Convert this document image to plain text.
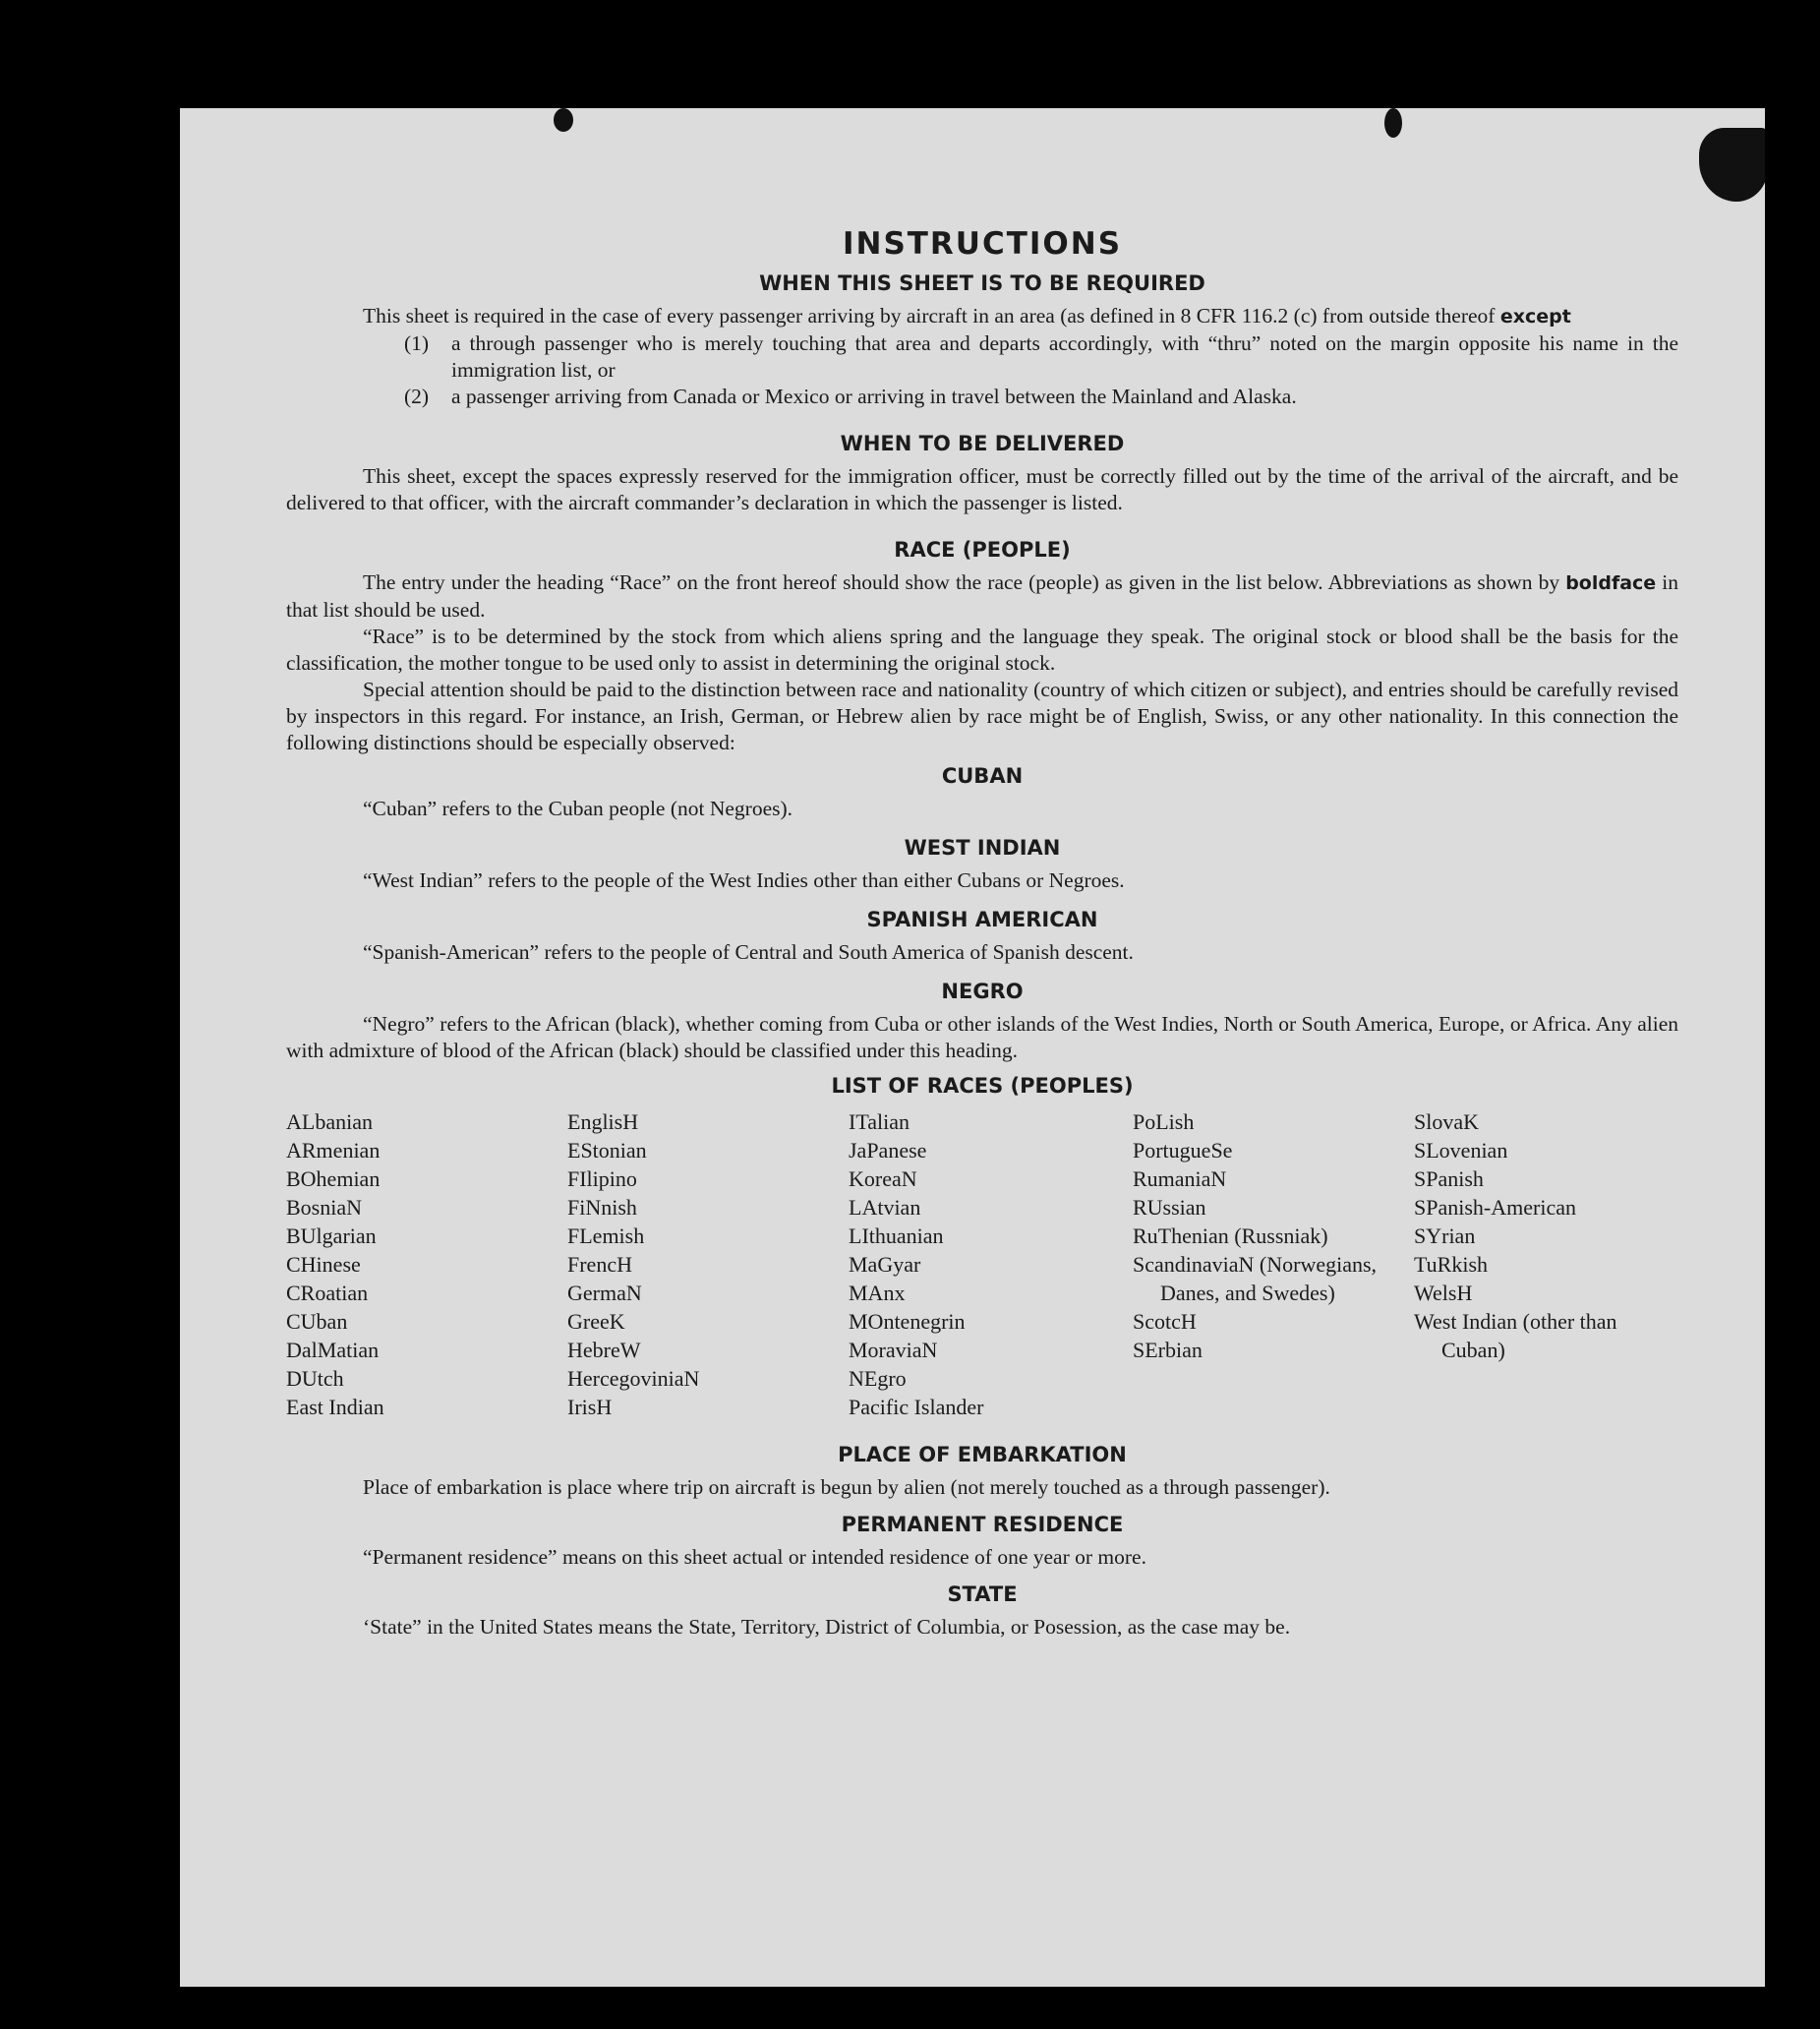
INSTRUCTIONS
WHEN THIS SHEET IS TO BE REQUIRED

This sheet is required in the case of every passenger arriving by aircraft in an area (as defined in 8 CFR 116.2 (c) from outside thereof except

(1)	a through passenger who is merely touching that area and departs accordingly, with “thru” noted on the margin opposite his name in the immigration list, or
(2)	a passenger arriving from Canada or Mexico or arriving in travel between the Mainland and Alaska.
WHEN TO BE DELIVERED

This sheet, except the spaces expressly reserved for the immigration officer, must be correctly filled out by the time of the arrival of the aircraft, and be delivered to that officer, with the aircraft commander’s declaration in which the passenger is listed.

RACE (PEOPLE)

The entry under the heading “Race” on the front hereof should show the race (people) as given in the list below. Abbreviations as shown by boldface in that list should be used.

“Race” is to be determined by the stock from which aliens spring and the language they speak. The original stock or blood shall be the basis for the classification, the mother tongue to be used only to assist in determining the original stock.

Special attention should be paid to the distinction between race and nationality (country of which citizen or subject), and entries should be carefully revised by inspectors in this regard. For instance, an Irish, German, or Hebrew alien by race might be of English, Swiss, or any other nationality. In this connection the following distinctions should be especially observed:

CUBAN

“Cuban” refers to the Cuban people (not Negroes).

WEST INDIAN

“West Indian” refers to the people of the West Indies other than either Cubans or Negroes.

SPANISH AMERICAN

“Spanish-American” refers to the people of Central and South America of Spanish descent.

NEGRO

“Negro” refers to the African (black), whether coming from Cuba or other islands of the West Indies, North or South America, Europe, or Africa. Any alien with admixture of blood of the African (black) should be classified under this heading.

LIST OF RACES (PEOPLES)
ALbanian
ARmenian
BOhemian
BosniaN
BUlgarian
CHinese
CRoatian
CUban
DalMatian
DUtch
East Indian
EnglisH
EStonian
FIlipino
FiNnish
FLemish
FrencH
GermaN
GreeK
HebreW
HercegoviniaN
IrisH
ITalian
JaPanese
KoreaN
LAtvian
LIthuanian
MaGyar
MAnx
MOntenegrin
MoraviaN
NEgro
Pacific Islander
PoLish
PortugueSe
RumaniaN
RUssian
RuThenian (Russniak)
ScandinaviaN (Norwegians, Danes, and Swedes)
ScotcH
SErbian
SlovaK
SLovenian
SPanish
SPanish-American
SYrian
TuRkish
WelsH
West Indian (other than Cuban)
PLACE OF EMBARKATION

Place of embarkation is place where trip on aircraft is begun by alien (not merely touched as a through passenger).

PERMANENT RESIDENCE

“Permanent residence” means on this sheet actual or intended residence of one year or more.

STATE

‘State” in the United States means the State, Territory, District of Columbia, or Posession, as the case may be.
